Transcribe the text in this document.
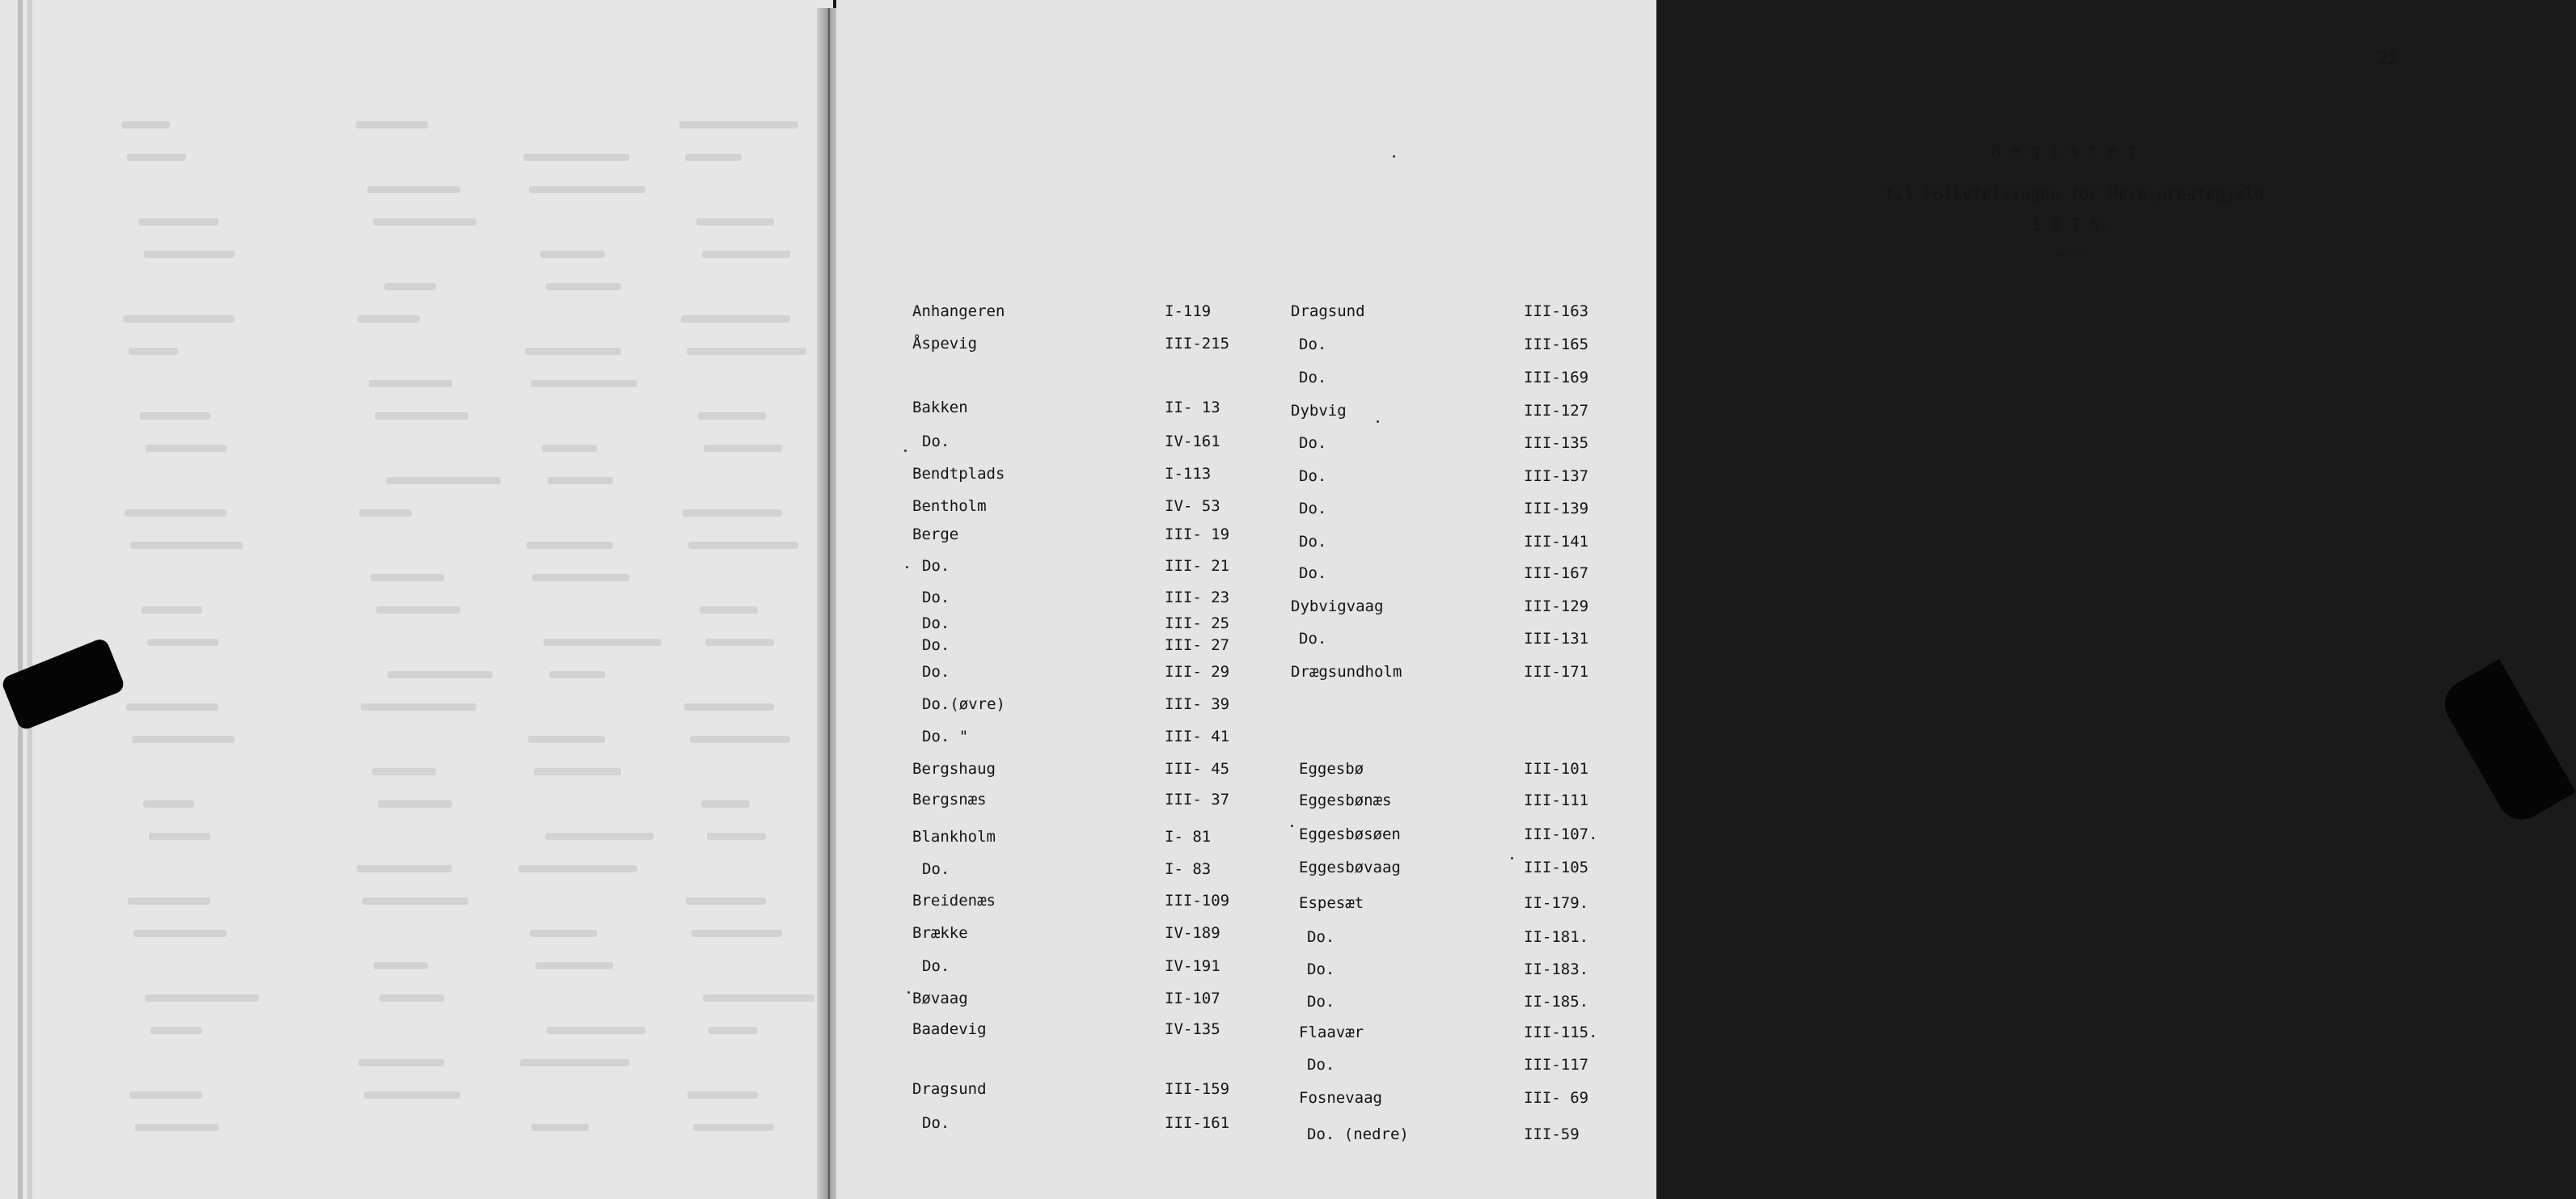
22
R e g i s t e r
til Folketellingen for Herø prestegjeld
1 8 7 5.
---
Anhangeren	I-119
Åspevig	III-215
Bakken	II- 13
Do.	IV-161
Bendtplads	I-113
Bentholm	IV- 53
Berge	III- 19
Do.	III- 21
Do.	III- 23
Do.	III- 25
Do.	III- 27
Do.	III- 29
Do.(øvre)	III- 39
Do. "	III- 41
Bergshaug	III- 45
Bergsnæs	III- 37
Blankholm	I- 81
Do.	I- 83
Breidenæs	III-109
Brække	IV-189
Do.	IV-191
Bøvaag	II-107
Baadevig	IV-135
Dragsund	III-159
Do.	III-161
Dragsund	III-163
Do.	III-165
Do.	III-169
Dybvig	III-127
Do.	III-135
Do.	III-137
Do.	III-139
Do.	III-141
Do.	III-167
Dybvigvaag	III-129
Do.	III-131
Drægsundholm	III-171
Eggesbø	III-101
Eggesbønæs	III-111
Eggesbøsøen	III-107.
Eggesbøvaag	III-105
Espesæt	II-179.
Do.	II-181.
Do.	II-183.
Do.	II-185.
Flaavær	III-115.
Do.	III-117
Fosnevaag	III- 69
Do. (nedre)	III-59
